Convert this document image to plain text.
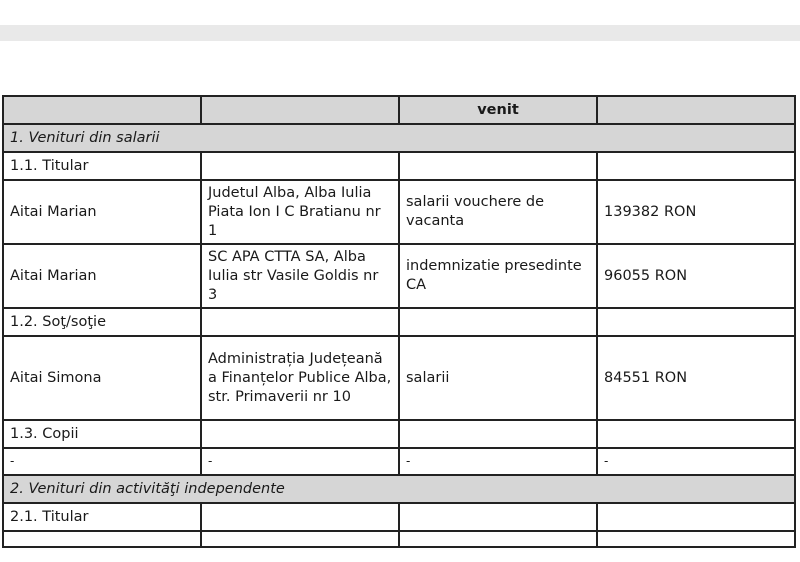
		venit	
1. Venituri din salarii			
1.1. Titular			
Aitai Marian	Judetul Alba, Alba Iulia Piata Ion I C Bratianu nr 1	salarii vouchere de vacanta	139382 RON
Aitai Marian	SC APA CTTA SA, Alba Iulia str Vasile Goldis nr 3	indemnizatie presedinte CA	96055 RON
1.2. Soţ/soţie			
Aitai Simona	Administrația Județeană a Finanțelor Publice Alba, str. Primaverii nr 10	salarii	84551 RON
1.3. Copii			
-	-	-	-
2. Venituri din activităţi independente			
2.1. Titular			
